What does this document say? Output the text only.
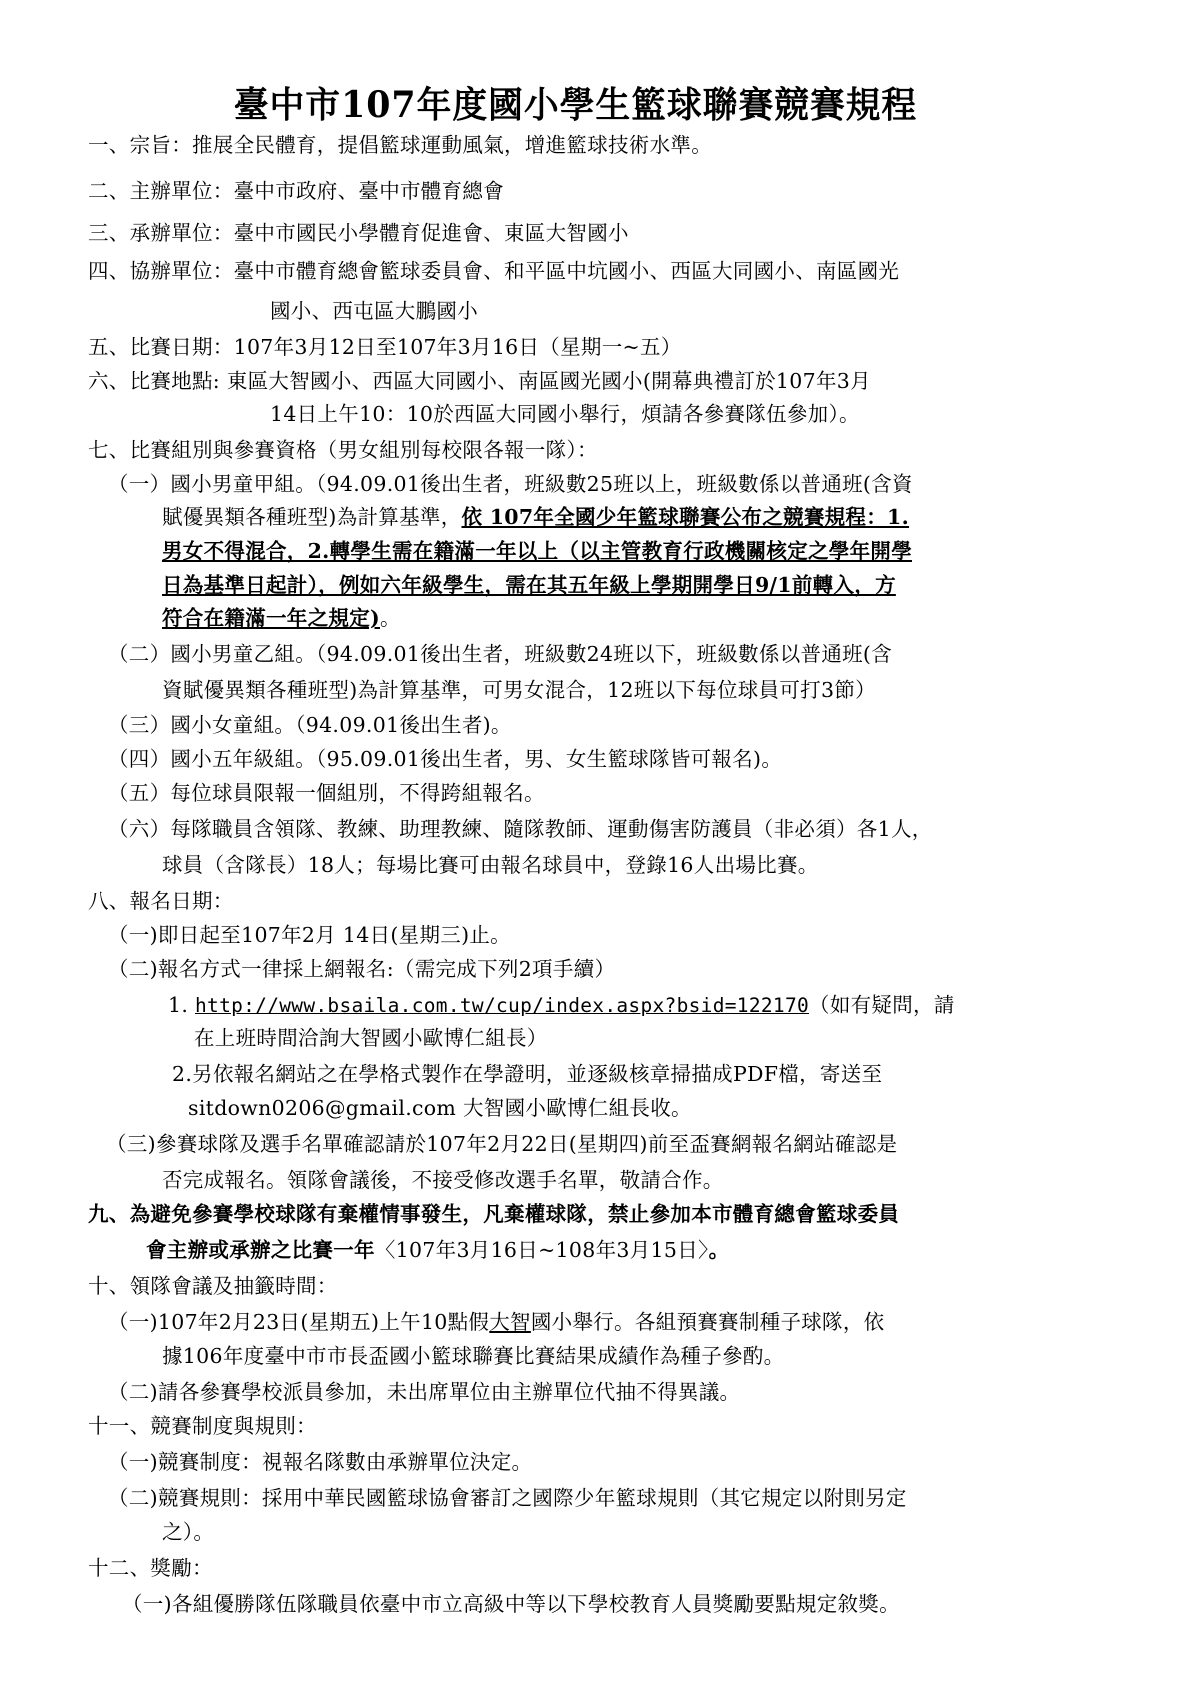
臺中市107年度國小學生籃球聯賽競賽規程
一、宗旨：推展全民體育，提倡籃球運動風氣，增進籃球技術水準。
二、主辦單位：臺中市政府、臺中市體育總會
三、承辦單位：臺中市國民小學體育促進會、東區大智國小
四、協辦單位：臺中市體育總會籃球委員會、和平區中坑國小、西區大同國小、南區國光
國小、西屯區大鵬國小
五、比賽日期：107年3月12日至107年3月16日（星期一~五）
六、比賽地點: 東區大智國小、西區大同國小、南區國光國小(開幕典禮訂於107年3月
14日上午10：10於西區大同國小舉行，煩請各參賽隊伍參加）。
七、比賽組別與參賽資格（男女組別每校限各報一隊）：
（一）國小男童甲組。（94.09.01後出生者，班級數25班以上，班級數係以普通班(含資
賦優異類各種班型)為計算基準，依 107年全國少年籃球聯賽公布之競賽規程：1.
男女不得混合，2.轉學生需在籍滿一年以上（以主管教育行政機關核定之學年開學
日為基準日起計），例如六年級學生，需在其五年級上學期開學日9/1前轉入，方
符合在籍滿一年之規定)。
（二）國小男童乙組。（94.09.01後出生者，班級數24班以下，班級數係以普通班(含
資賦優異類各種班型)為計算基準，可男女混合，12班以下每位球員可打3節）
（三）國小女童組。（94.09.01後出生者)。
（四）國小五年級組。（95.09.01後出生者，男、女生籃球隊皆可報名)。
（五）每位球員限報一個組別，不得跨組報名。
（六）每隊職員含領隊、教練、助理教練、隨隊教師、運動傷害防護員（非必須）各1人，
球員（含隊長）18人；每場比賽可由報名球員中，登錄16人出場比賽。
八、報名日期：
（一)即日起至107年2月 14日(星期三)止。
（二)報名方式一律採上網報名:（需完成下列2項手續）
1. http://www.bsaila.com.tw/cup/index.aspx?bsid=122170（如有疑問，請
在上班時間洽詢大智國小歐博仁組長）
2.另依報名網站之在學格式製作在學證明，並逐級核章掃描成PDF檔，寄送至
sitdown0206@gmail.com 大智國小歐博仁組長收。
（三)參賽球隊及選手名單確認請於107年2月22日(星期四)前至盃賽網報名網站確認是
否完成報名。領隊會議後，不接受修改選手名單，敬請合作。
九、為避免參賽學校球隊有棄權情事發生，凡棄權球隊，禁止參加本市體育總會籃球委員
會主辦或承辦之比賽一年〈107年3月16日~108年3月15日〉。
十、領隊會議及抽籤時間：
（一)107年2月23日(星期五)上午10點假大智國小舉行。各組預賽賽制種子球隊，依
據106年度臺中市市長盃國小籃球聯賽比賽結果成績作為種子參酌。
（二)請各參賽學校派員參加，未出席單位由主辦單位代抽不得異議。
十一、競賽制度與規則：
（一)競賽制度：視報名隊數由承辦單位決定。
（二)競賽規則：採用中華民國籃球協會審訂之國際少年籃球規則（其它規定以附則另定
之）。
十二、獎勵：
（一)各組優勝隊伍隊職員依臺中市立高級中等以下學校教育人員獎勵要點規定敘獎。
